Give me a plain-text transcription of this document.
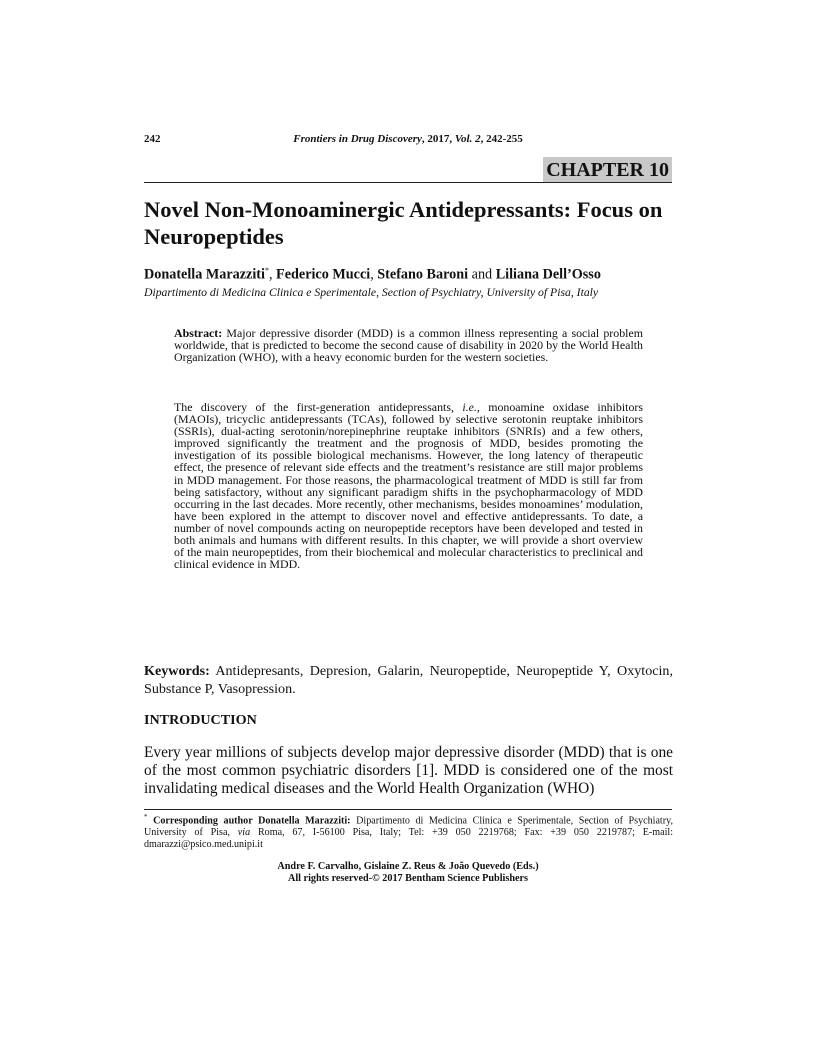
242	Frontiers in Drug Discovery, 2017, Vol. 2, 242-255
CHAPTER 10
Novel Non-Monoaminergic Antidepressants: Focus on Neuropeptides
Donatella Marazziti*, Federico Mucci, Stefano Baroni and Liliana Dell’Osso
Dipartimento di Medicina Clinica e Sperimentale, Section of Psychiatry, University of Pisa, Italy

Abstract: Major depressive disorder (MDD) is a common illness representing a social problem worldwide, that is predicted to become the second cause of disability in 2020 by the World Health Organization (WHO), with a heavy economic burden for the western societies.

The discovery of the first-generation antidepressants, i.e., monoamine oxidase inhibitors (MAOIs), tricyclic antidepressants (TCAs), followed by selective serotonin reuptake inhibitors (SSRIs), dual-acting serotonin/norepinephrine reuptake inhibitors (SNRIs) and a few others, improved significantly the treatment and the prognosis of MDD, besides promoting the investigation of its possible biological mechanisms. However, the long latency of therapeutic effect, the presence of relevant side effects and the treatment’s resistance are still major problems in MDD management. For those reasons, the pharmacological treatment of MDD is still far from being satisfactory, without any significant paradigm shifts in the psychopharmacology of MDD occurring in the last decades. More recently, other mechanisms, besides monoamines’ modulation, have been explored in the attempt to discover novel and effective antidepressants. To date, a number of novel compounds acting on neuropeptide receptors have been developed and tested in both animals and humans with different results. In this chapter, we will provide a short overview of the main neuropeptides, from their biochemical and molecular characteristics to preclinical and clinical evidence in MDD.

Keywords: Antidepresants, Depresion, Galarin, Neuropeptide, Neuropeptide Y, Oxytocin, Substance P, Vasopression.
INTRODUCTION
Every year millions of subjects develop major depressive disorder (MDD) that is one of the most common psychiatric disorders [1]. MDD is considered one of the most invalidating medical diseases and the World Health Organization (WHO)
* Corresponding author Donatella Marazziti: Dipartimento di Medicina Clinica e Sperimentale, Section of Psychiatry, University of Pisa, via Roma, 67, I-56100 Pisa, Italy; Tel: +39 050 2219768; Fax: +39 050 2219787; E-mail: dmarazzi@psico.med.unipi.it
Andre F. Carvalho, Gislaine Z. Reus & João Quevedo (Eds.)
All rights reserved-© 2017 Bentham Science Publishers
